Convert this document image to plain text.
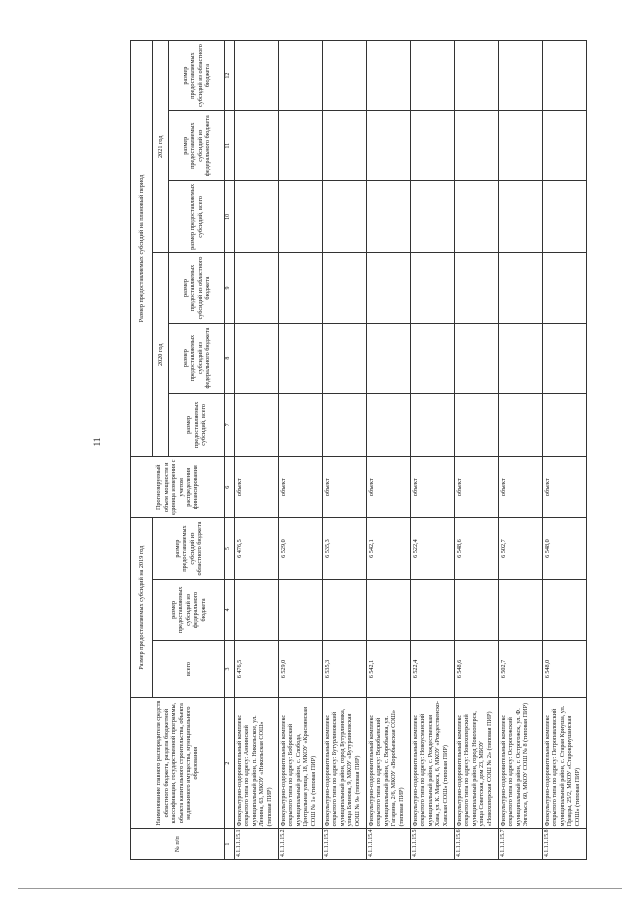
11
№ п/п	Наименование главного распорядителя средств областного бюджета, раздела бюджетной классификации, государственной программы, объекта капитального строительства, объекта недвижимого имущества, муниципального образования	Размер предоставляемых субсидий на 2019 год			Прогнозируемый объем мощности и единица измерения с учетом распределения финансирования	Размер предоставляемых субсидий на плановый период					
		всего	размер предоставляемых субсидий из федерального бюджета	размер предоставляемых субсидий из областного бюджета		2020 год			2021 год		
						размер предоставляемых субсидий, всего	размер предоставляемых субсидий из федерального бюджета	размер предоставляемых субсидий из областного бюджета	размер предоставляемых субсидий, всего	размер предоставляемых субсидий из федерального бюджета	размер предоставляемых субсидий из областного бюджета
1	2	3	4	5	6	7	8	9	10	11	12
4.1.1.1.15.1	Физкультурно-оздоровительный комплекс открытого типа по адресу: Аннинский муниципальный район, п. Никольское, ул. Ленина, 63, МКОУ «Никольская СОШ» (типовая ПИР)	6 476,5		6 476,5	объект						
4.1.1.1.15.2	Физкультурно-оздоровительный комплекс открытого типа по адресу: Бобровский муниципальный район, с. Слобода, Центральная улица, 18, МКОУ «Краснянская СОШ № 1» (типовая ПИР)	6 529,0		6 529,0	объект						
4.1.1.1.15.3	Физкультурно-оздоровительный комплекс открытого типа по адресу: Бутурлиновский муниципальный район, город Бутурлиновка, улица Блинова, 9, МКОУ «Бутурлиновская ООШ № 9» (типовая ПИР)	6 535,3		6 535,3	объект						
4.1.1.1.15.4	Физкультурно-оздоровительный комплекс открытого типа по адресу: Воробьевский муниципальный район, с. Воробьевка, ул. Гагарина, 2/6, МКОУ «Воробьевская СОШ» (типовая ПИР)	6 542,1		6 542,1	объект						
4.1.1.1.15.5	Физкультурно-оздоровительный комплекс открытого типа по адресу: Новоусманский муниципальный район, с. Рождественская Хава, ул. К. Маркса, 6, МКОУ «Рождественско-Хавская СОШ» (типовая ПИР)	6 522,4		6 522,4	объект						
4.1.1.1.15.6	Физкультурно-оздоровительный комплекс открытого типа по адресу: Новохоперский муниципальный район, город Новохоперск, улица Советская, дом 23, МБОУ «Новохоперская СОШ № 2» (типовая ПИР)	6 548,6		6 548,6	объект						
4.1.1.1.15.7	Физкультурно-оздоровительный комплекс открытого типа по адресу: Острогожский муниципальный район, г. Острогожск, ул. Ф. Энгельса, 60, МКОУ СОШ № 8 (типовая ПИР)	6 502,7		6 502,7	объект						
4.1.1.1.15.8	Физкультурно-оздоровительный комплекс открытого типа по адресу: Петропавловский муниципальный район, с. Старая Криуша, ул. Правды, 25/2, МКОУ «Старокриушанская СОШ» (типовая ПИР)	6 548,0		6 548,0	объект						
